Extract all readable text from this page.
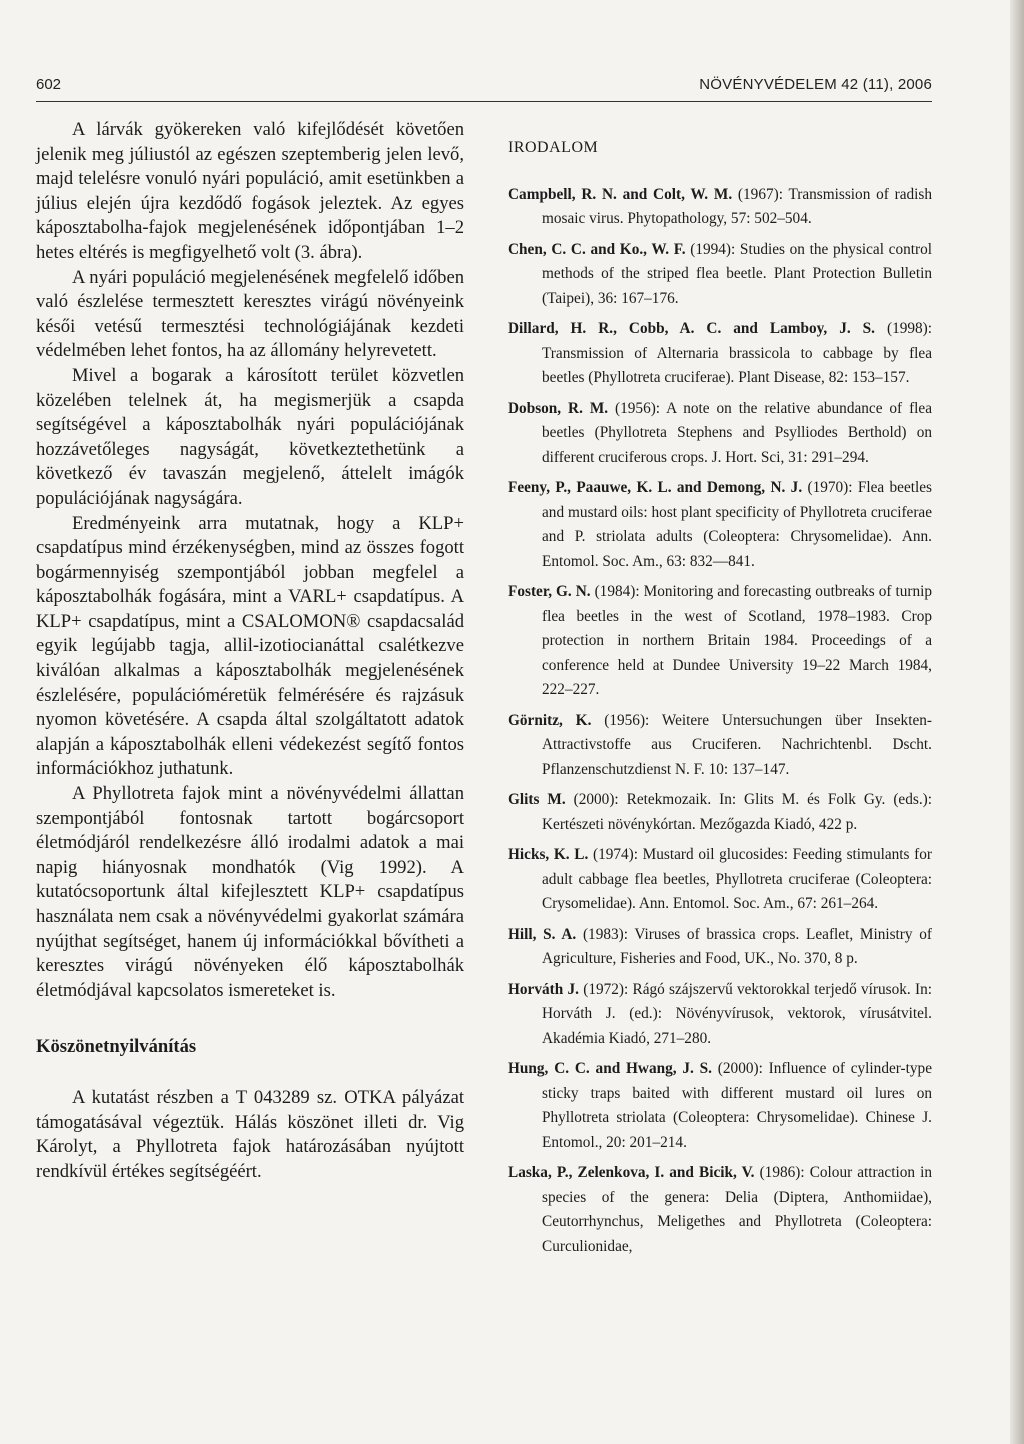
602	NÖVÉNYVÉDELEM 42 (11), 2006

A lárvák gyökereken való kifejlődését követően jelenik meg júliustól az egészen szeptemberig jelen levő, majd telelésre vonuló nyári populáció, amit esetünkben a július elején újra kezdődő fogások jeleztek. Az egyes káposztabolha-fajok megjelenésének időpontjában 1–2 hetes eltérés is megfigyelhető volt (3. ábra).

A nyári populáció megjelenésének megfelelő időben való észlelése termesztett keresztes virágú növényeink késői vetésű termesztési technológiájának kezdeti védelmében lehet fontos, ha az állomány helyrevetett.

Mivel a bogarak a károsított terület közvetlen közelében telelnek át, ha megismerjük a csapda segítségével a káposztabolhák nyári populációjának hozzávetőleges nagyságát, következtethetünk a következő év tavaszán megjelenő, áttelelt imágók populációjának nagyságára.

Eredményeink arra mutatnak, hogy a KLP+ csapdatípus mind érzékenységben, mind az összes fogott bogármennyiség szempontjából jobban megfelel a káposztabolhák fogására, mint a VARL+ csapdatípus. A KLP+ csapdatípus, mint a CSALOMON® csapdacsalád egyik legújabb tagja, allil-izotiocianáttal csalétkezve kiválóan alkalmas a káposztabolhák megjelenésének észlelésére, populációméretük felmérésére és rajzásuk nyomon követésére. A csapda által szolgáltatott adatok alapján a káposztabolhák elleni védekezést segítő fontos információkhoz juthatunk.

A Phyllotreta fajok mint a növényvédelmi állattan szempontjából fontosnak tartott bogárcsoport életmódjáról rendelkezésre álló irodalmi adatok a mai napig hiányosnak mondhatók (Vig 1992). A kutatócsoportunk által kifejlesztett KLP+ csapdatípus használata nem csak a növényvédelmi gyakorlat számára nyújthat segítséget, hanem új információkkal bővítheti a keresztes virágú növényeken élő káposztabolhák életmódjával kapcsolatos ismereteket is.

Köszönetnyilvánítás

A kutatást részben a T 043289 sz. OTKA pályázat támogatásával végeztük. Hálás köszönet illeti dr. Vig Károlyt, a Phyllotreta fajok határozásában nyújtott rendkívül értékes segítségéért.

IRODALOM

Campbell, R. N. and Colt, W. M. (1967): Transmission of radish mosaic virus. Phytopathology, 57: 502–504.

Chen, C. C. and Ko., W. F. (1994): Studies on the physical control methods of the striped flea beetle. Plant Protection Bulletin (Taipei), 36: 167–176.

Dillard, H. R., Cobb, A. C. and Lamboy, J. S. (1998): Transmission of Alternaria brassicola to cabbage by flea beetles (Phyllotreta cruciferae). Plant Disease, 82: 153–157.

Dobson, R. M. (1956): A note on the relative abundance of flea beetles (Phyllotreta Stephens and Psylliodes Berthold) on different cruciferous crops. J. Hort. Sci, 31: 291–294.

Feeny, P., Paauwe, K. L. and Demong, N. J. (1970): Flea beetles and mustard oils: host plant specificity of Phyllotreta cruciferae and P. striolata adults (Coleoptera: Chrysomelidae). Ann. Entomol. Soc. Am., 63: 832—841.

Foster, G. N. (1984): Monitoring and forecasting outbreaks of turnip flea beetles in the west of Scotland, 1978–1983. Crop protection in northern Britain 1984. Proceedings of a conference held at Dundee University 19–22 March 1984, 222–227.

Görnitz, K. (1956): Weitere Untersuchungen über Insekten-Attractivstoffe aus Cruciferen. Nachrichtenbl. Dscht. Pflanzenschutzdienst N. F. 10: 137–147.

Glits M. (2000): Retekmozaik. In: Glits M. és Folk Gy. (eds.): Kertészeti növénykórtan. Mezőgazda Kiadó, 422 p.

Hicks, K. L. (1974): Mustard oil glucosides: Feeding stimulants for adult cabbage flea beetles, Phyllotreta cruciferae (Coleoptera: Crysomelidae). Ann. Entomol. Soc. Am., 67: 261–264.

Hill, S. A. (1983): Viruses of brassica crops. Leaflet, Ministry of Agriculture, Fisheries and Food, UK., No. 370, 8 p.

Horváth J. (1972): Rágó szájszervű vektorokkal terjedő vírusok. In: Horváth J. (ed.): Növényvírusok, vektorok, vírusátvitel. Akadémia Kiadó, 271–280.

Hung, C. C. and Hwang, J. S. (2000): Influence of cylinder-type sticky traps baited with different mustard oil lures on Phyllotreta striolata (Coleoptera: Chrysomelidae). Chinese J. Entomol., 20: 201–214.

Laska, P., Zelenkova, I. and Bicik, V. (1986): Colour attraction in species of the genera: Delia (Diptera, Anthomiidae), Ceutorrhynchus, Meligethes and Phyllotreta (Coleoptera: Curculionidae,
